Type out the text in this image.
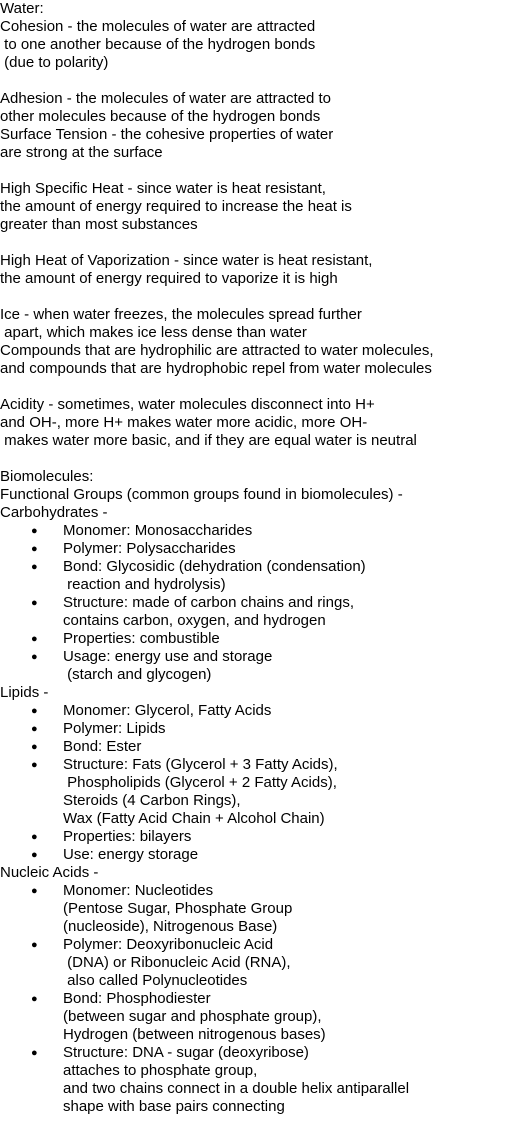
Water:
Cohesion - the molecules of water are attracted
to one another because of the hydrogen bonds
(due to polarity)
Adhesion - the molecules of water are attracted to
other molecules because of the hydrogen bonds
Surface Tension - the cohesive properties of water
are strong at the surface
High Specific Heat - since water is heat resistant,
the amount of energy required to increase the heat is
greater than most substances
High Heat of Vaporization - since water is heat resistant,
the amount of energy required to vaporize it is high
Ice - when water freezes, the molecules spread further
apart, which makes ice less dense than water
Compounds that are hydrophilic are attracted to water molecules,
and compounds that are hydrophobic repel from water molecules
Acidity - sometimes, water molecules disconnect into H+
and OH-, more H+ makes water more acidic, more OH-
makes water more basic, and if they are equal water is neutral
Biomolecules:
Functional Groups (common groups found in biomolecules) -
Carbohydrates -
● Monomer: Monosaccharides
● Polymer: Polysaccharides
● Bond: Glycosidic (dehydration (condensation)
reaction and hydrolysis)
● Structure: made of carbon chains and rings,
contains carbon, oxygen, and hydrogen
● Properties: combustible
● Usage: energy use and storage
(starch and glycogen)
Lipids -
● Monomer: Glycerol, Fatty Acids
● Polymer: Lipids
● Bond: Ester
● Structure: Fats (Glycerol + 3 Fatty Acids),
Phospholipids (Glycerol + 2 Fatty Acids),
Steroids (4 Carbon Rings),
Wax (Fatty Acid Chain + Alcohol Chain)
● Properties: bilayers
● Use: energy storage
Nucleic Acids -
● Monomer: Nucleotides
(Pentose Sugar, Phosphate Group
(nucleoside), Nitrogenous Base)
● Polymer: Deoxyribonucleic Acid
(DNA) or Ribonucleic Acid (RNA),
also called Polynucleotides
● Bond: Phosphodiester
(between sugar and phosphate group),
Hydrogen (between nitrogenous bases)
● Structure: DNA - sugar (deoxyribose)
attaches to phosphate group,
and two chains connect in a double helix antiparallel
shape with base pairs connecting
